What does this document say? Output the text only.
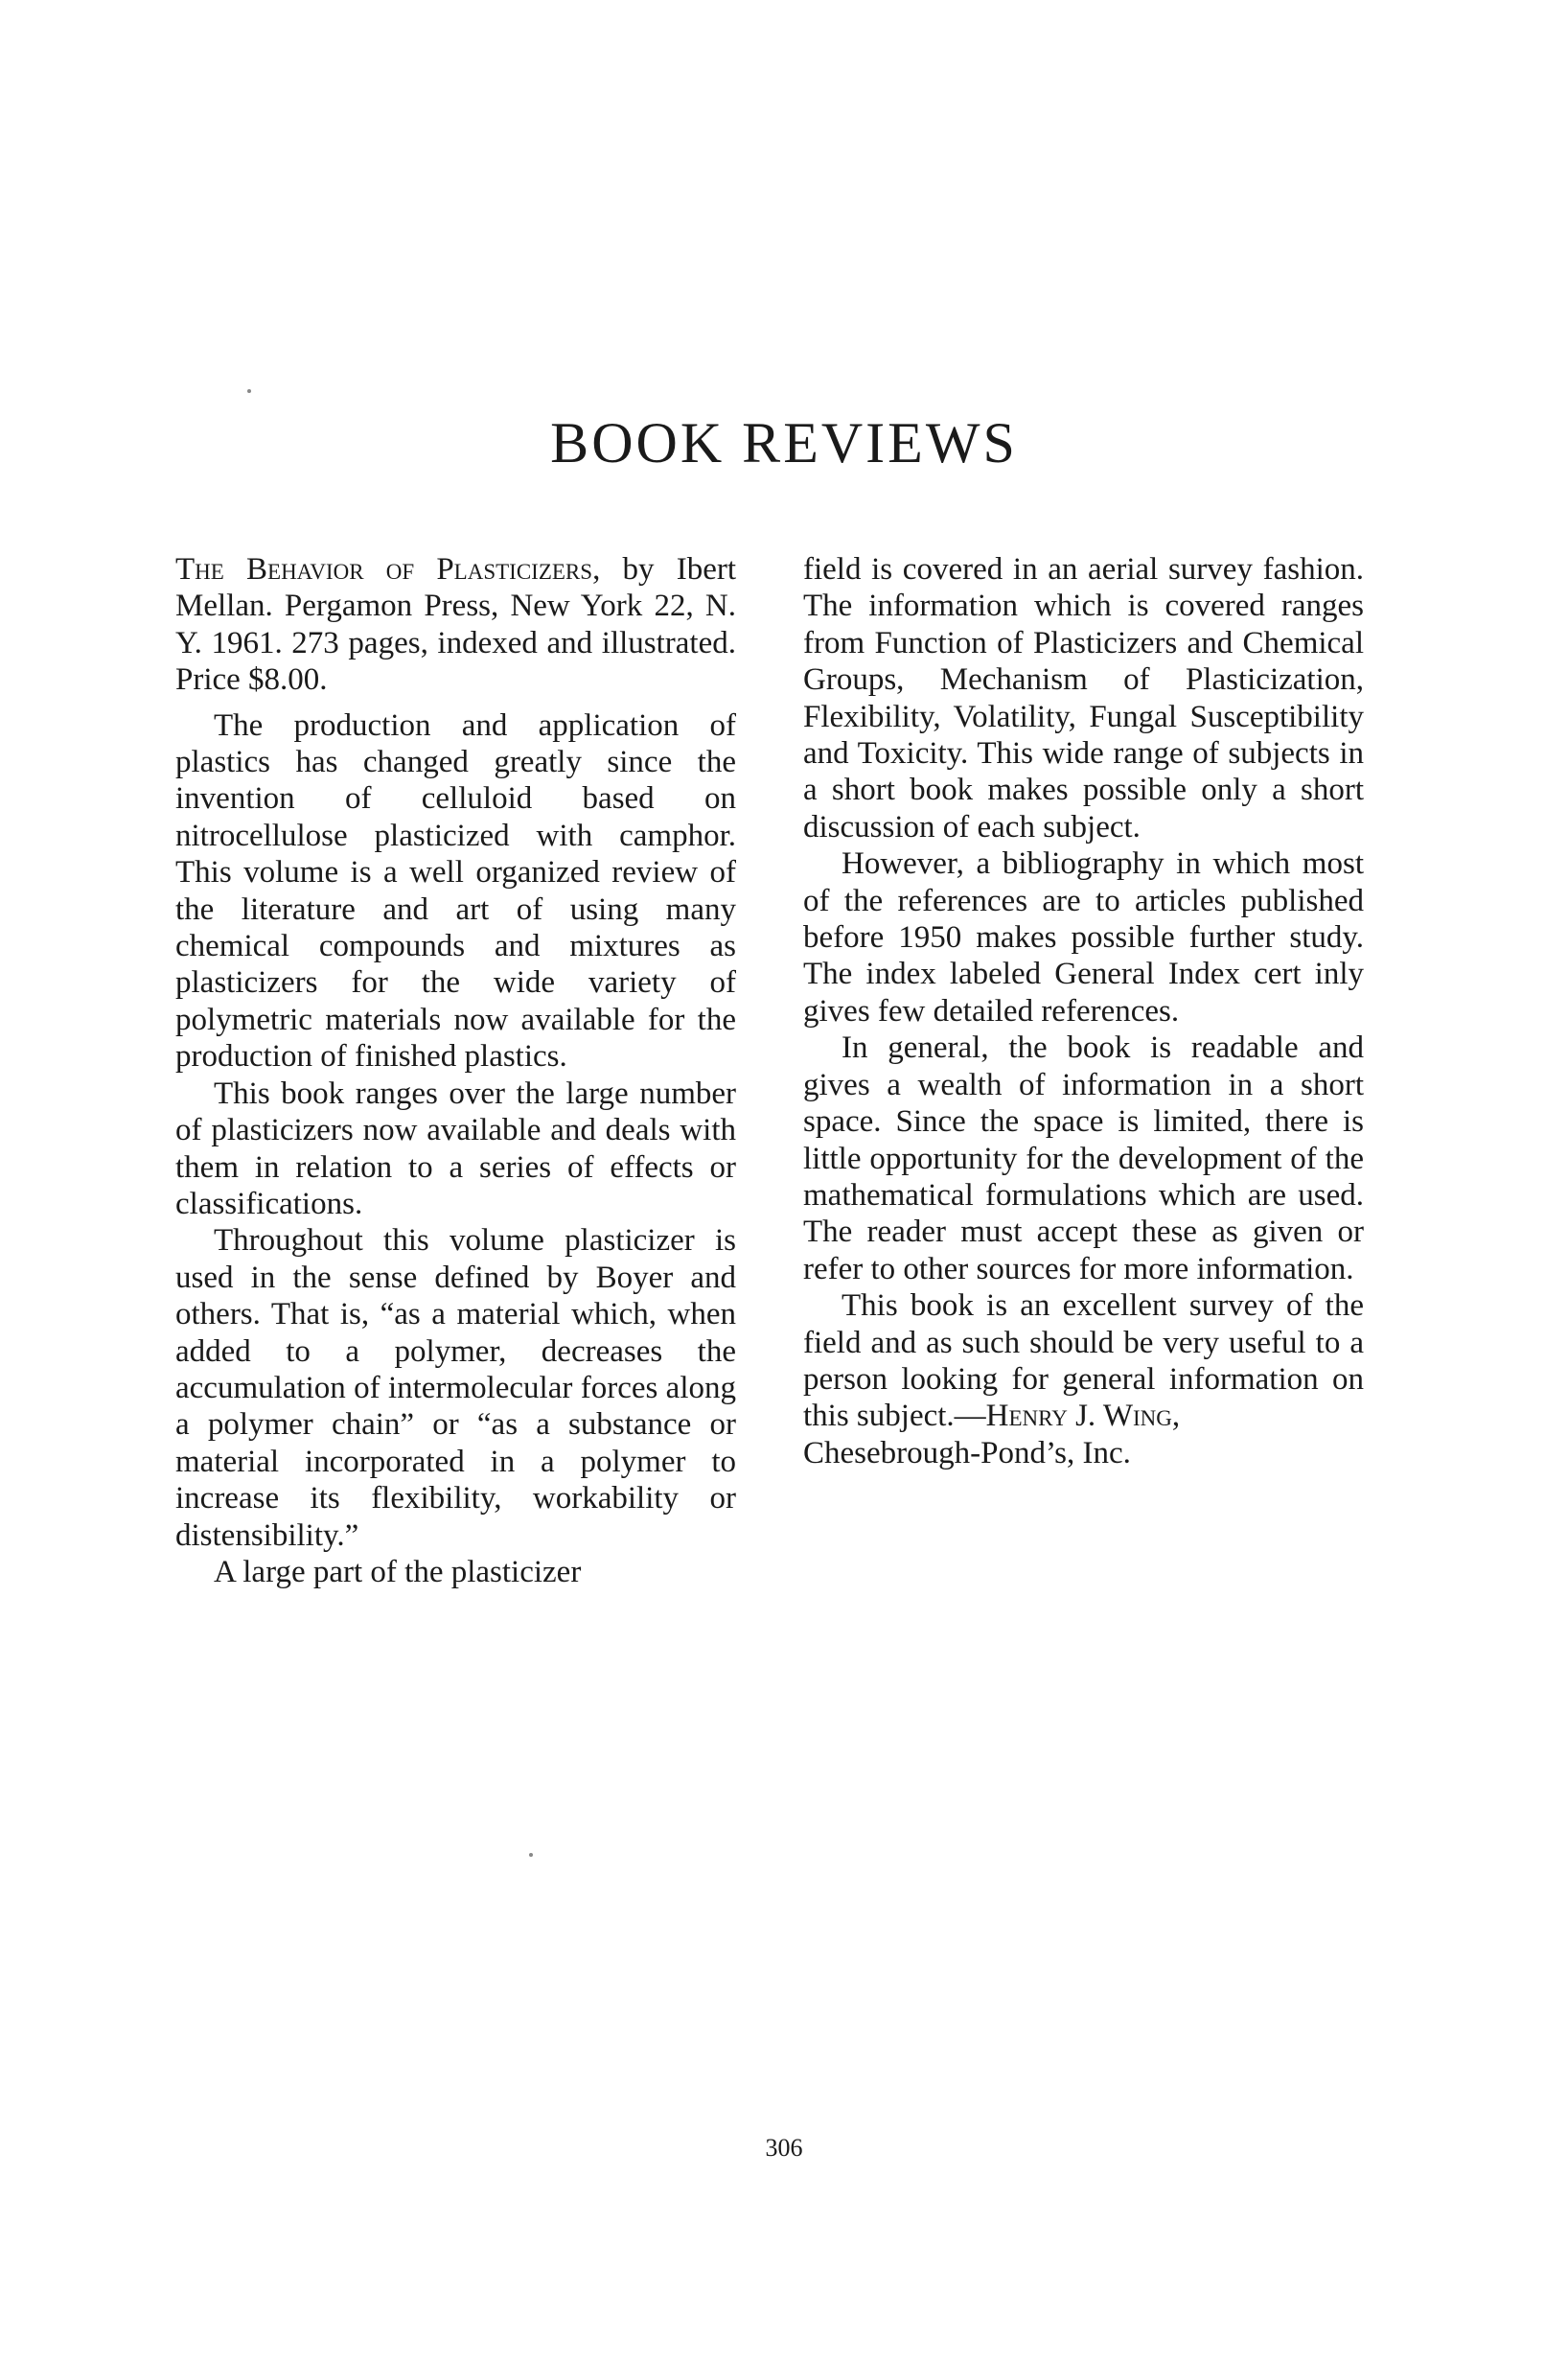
BOOK REVIEWS

The Behavior of Plasticizers, by Ibert Mellan. Pergamon Press, New York 22, N. Y. 1961. 273 pages, indexed and illustrated. Price $8.00.

The production and application of plastics has changed greatly since the invention of celluloid based on nitrocellulose plasticized with camphor. This volume is a well organized review of the literature and art of using many chemical compounds and mixtures as plasticizers for the wide variety of polymetric materials now available for the production of finished plastics.

This book ranges over the large number of plasticizers now available and deals with them in relation to a series of effects or classifications.

Throughout this volume plasticizer is used in the sense defined by Boyer and others. That is, “as a material which, when added to a polymer, decreases the accumulation of intermolecular forces along a polymer chain” or “as a substance or material incorporated in a polymer to increase its flexibility, workability or distensibility.”

A large part of the plasticizer

field is covered in an aerial survey fashion. The information which is covered ranges from Function of Plasticizers and Chemical Groups, Mechanism of Plasticization, Flexibility, Volatility, Fungal Susceptibility and Toxicity. This wide range of subjects in a short book makes possible only a short discussion of each subject.

However, a bibliography in which most of the references are to articles published before 1950 makes possible further study. The index labeled General Index cert inly gives few detailed references.

In general, the book is readable and gives a wealth of information in a short space. Since the space is limited, there is little opportunity for the development of the mathematical formulations which are used. The reader must accept these as given or refer to other sources for more information.

This book is an excellent survey of the field and as such should be very useful to a person looking for general information on this subject.—Henry J. Wing,

Chesebrough-Pond’s, Inc.

306
